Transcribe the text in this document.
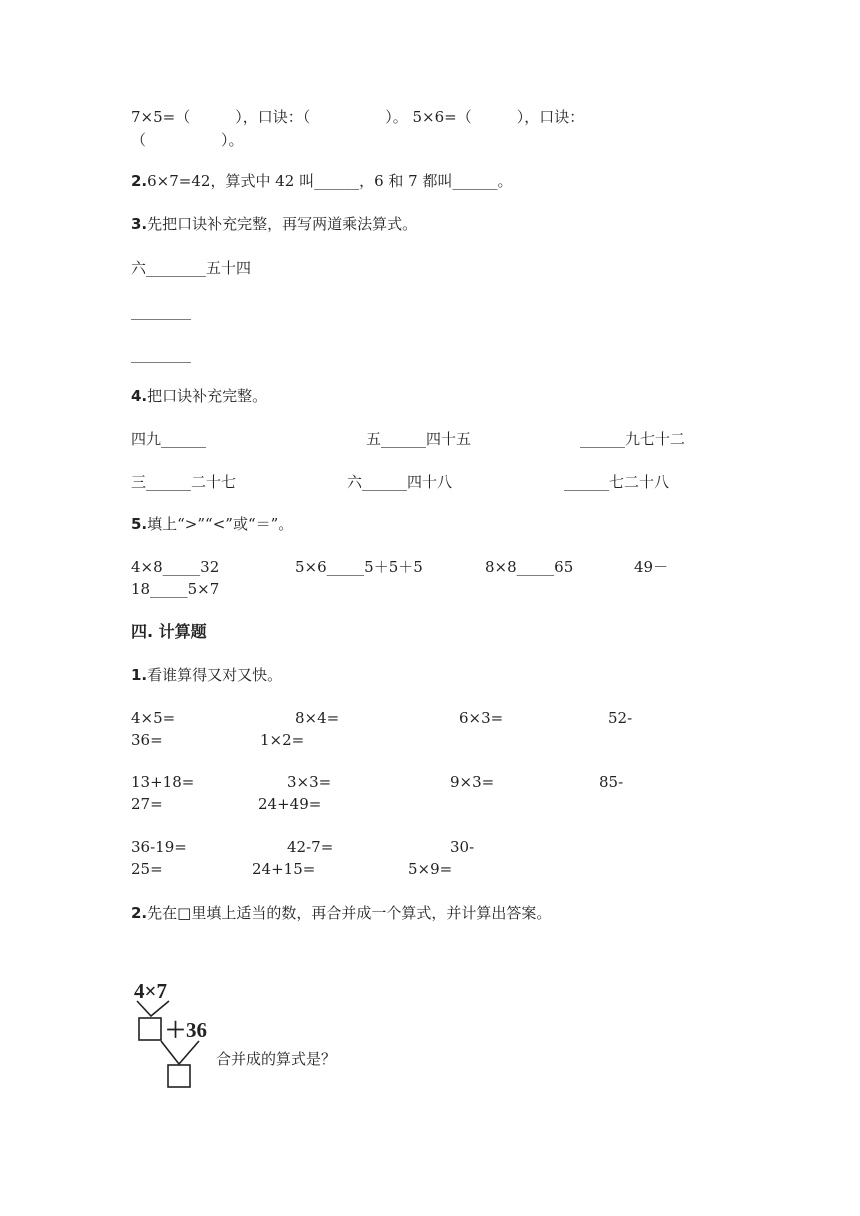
7×5=（　　　），口诀：（　　　　　）。 5×6=（　　　），口诀：
（　　　　　）。
2.6×7=42，算式中 42 叫______，6 和 7 都叫______。
3.先把口诀补充完整，再写两道乘法算式。
六________五十四
________
________
4.把口诀补充完整。
四九______	五______四十五	______九七十二
三______二十七	六______四十八	______七二十八
5.填上“>”“<”或“＝”。
4×8_____32	5×6_____5＋5＋5	8×8_____65	49－
18_____5×7
四. 计算题
1.看谁算得又对又快。
4×5=	8×4=	6×3=	52-
36=	1×2=
13+18=	3×3=	9×3=	85-
27=	24+49=
36-19=	42-7=	30-
25=	24+15=	5×9=
2.先在□里填上适当的数，再合并成一个算式，并计算出答案。
4×7
＋36
合并成的算式是？
